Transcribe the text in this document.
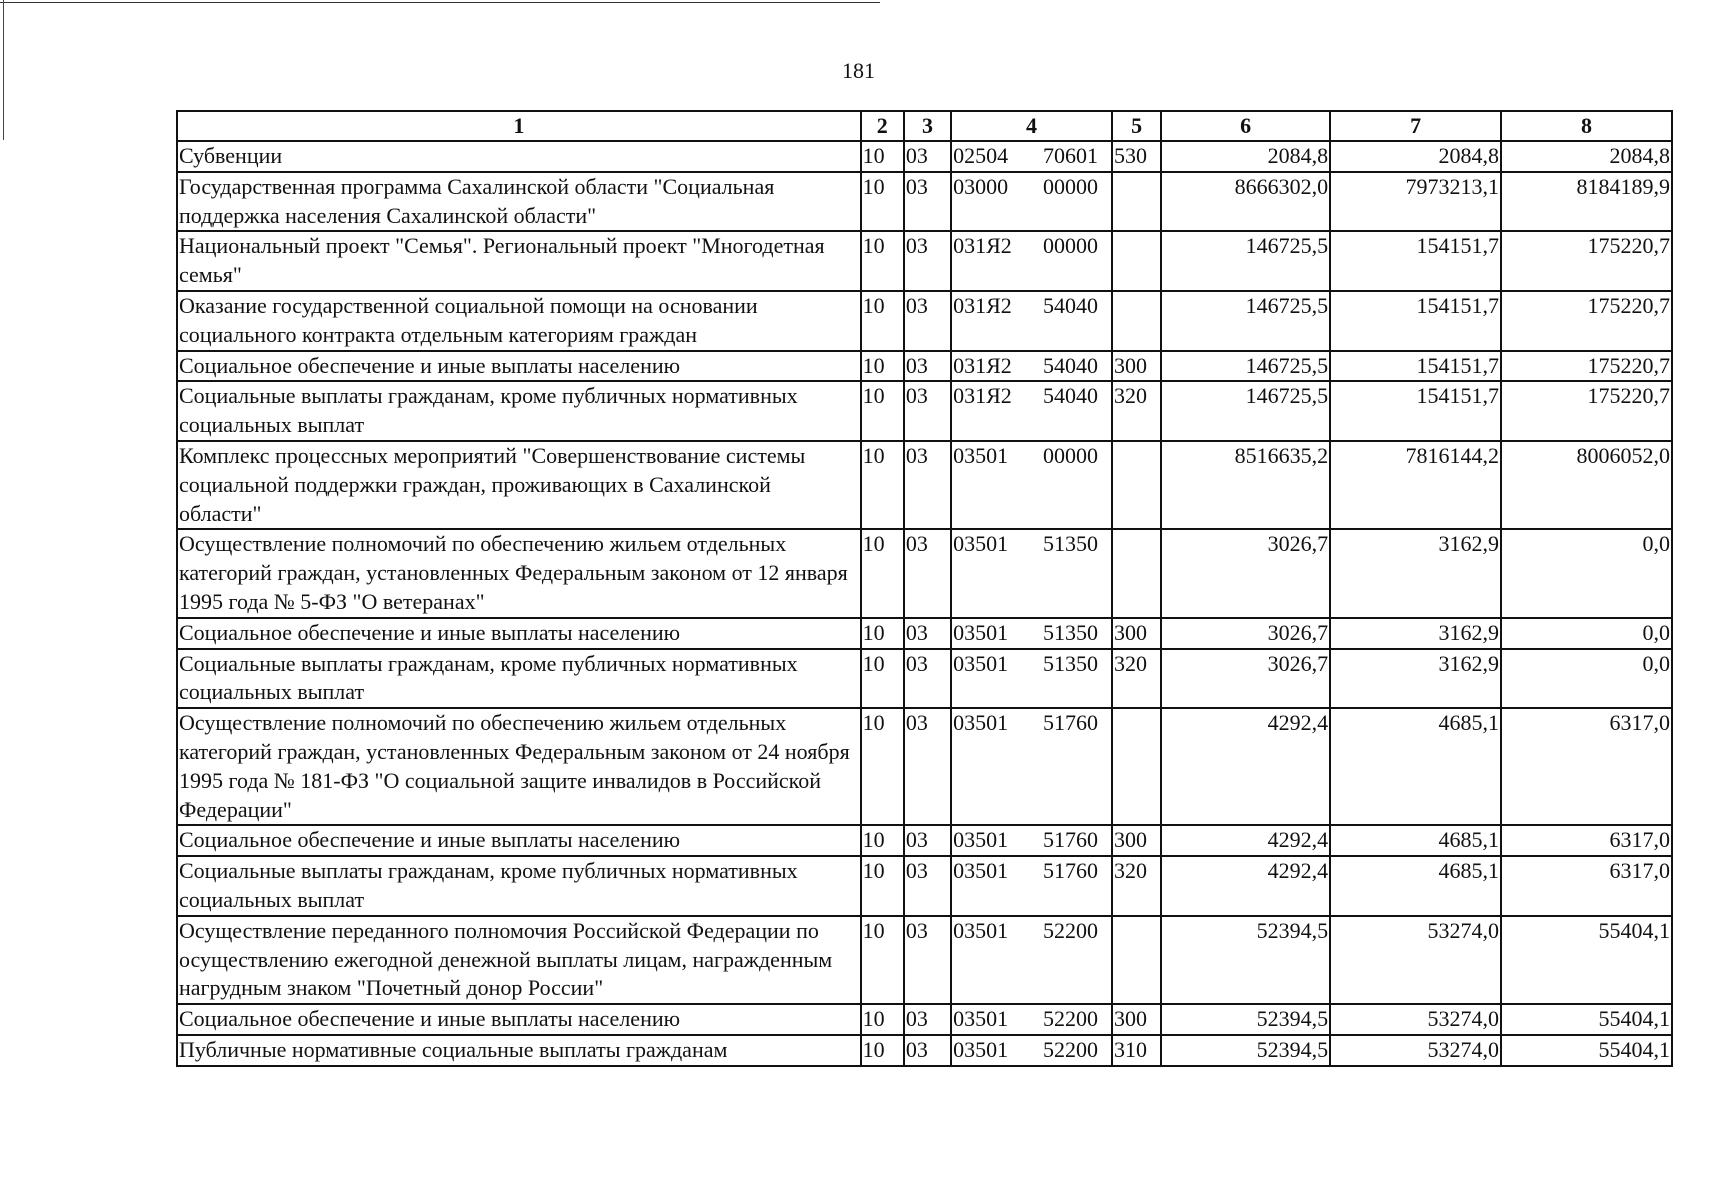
181
1	2	3	4	5	6	7	8
Субвенции	10	03	02504 70601	530	2084,8	2084,8	2084,8
Государственная программа Сахалинской области "Социальная поддержка населения Сахалинской области"	10	03	03000 00000		8666302,0	7973213,1	8184189,9
Национальный проект "Семья". Региональный проект "Многодетная семья"	10	03	031Я2 00000		146725,5	154151,7	175220,7
Оказание государственной социальной помощи на основании социального контракта отдельным категориям граждан	10	03	031Я2 54040		146725,5	154151,7	175220,7
Социальное обеспечение и иные выплаты населению	10	03	031Я2 54040	300	146725,5	154151,7	175220,7
Социальные выплаты гражданам, кроме публичных нормативных социальных выплат	10	03	031Я2 54040	320	146725,5	154151,7	175220,7
Комплекс процессных мероприятий "Совершенствование системы социальной поддержки граждан, проживающих в Сахалинской области"	10	03	03501 00000		8516635,2	7816144,2	8006052,0
Осуществление полномочий по обеспечению жильем отдельных категорий граждан, установленных Федеральным законом от 12 января 1995 года № 5-ФЗ "О ветеранах"	10	03	03501 51350		3026,7	3162,9	0,0
Социальное обеспечение и иные выплаты населению	10	03	03501 51350	300	3026,7	3162,9	0,0
Социальные выплаты гражданам, кроме публичных нормативных социальных выплат	10	03	03501 51350	320	3026,7	3162,9	0,0
Осуществление полномочий по обеспечению жильем отдельных категорий граждан, установленных Федеральным законом от 24 ноября 1995 года № 181-ФЗ "О социальной защите инвалидов в Российской Федерации"	10	03	03501 51760		4292,4	4685,1	6317,0
Социальное обеспечение и иные выплаты населению	10	03	03501 51760	300	4292,4	4685,1	6317,0
Социальные выплаты гражданам, кроме публичных нормативных социальных выплат	10	03	03501 51760	320	4292,4	4685,1	6317,0
Осуществление переданного полномочия Российской Федерации по осуществлению ежегодной денежной выплаты лицам, награжденным нагрудным знаком "Почетный донор России"	10	03	03501 52200		52394,5	53274,0	55404,1
Социальное обеспечение и иные выплаты населению	10	03	03501 52200	300	52394,5	53274,0	55404,1
Публичные нормативные социальные выплаты гражданам	10	03	03501 52200	310	52394,5	53274,0	55404,1
